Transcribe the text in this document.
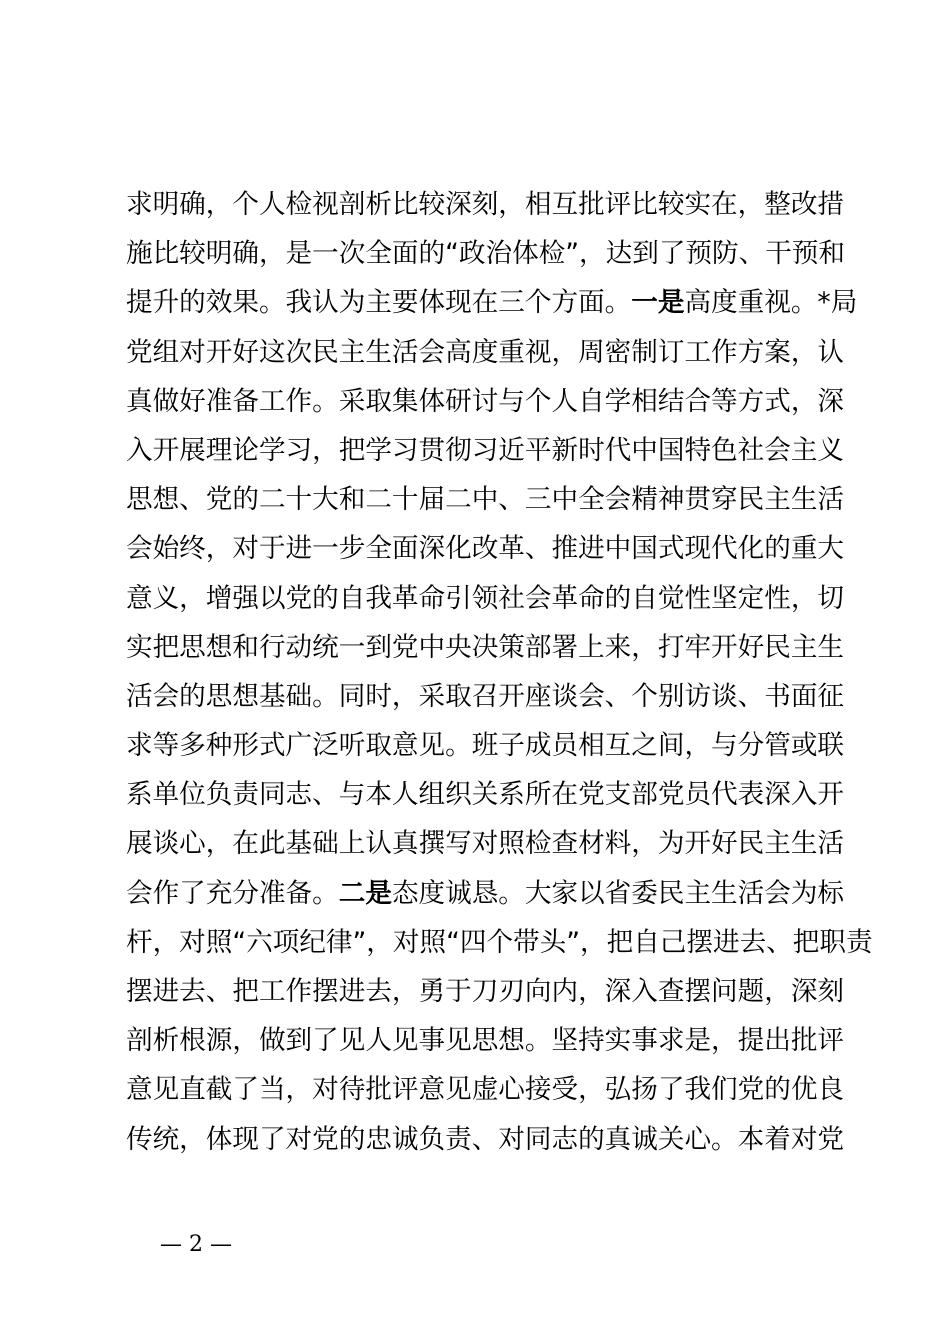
求明确，个人检视剖析比较深刻，相互批评比较实在，整改措
施比较明确，是一次全面的“政治体检”，达到了预防、干预和
提升的效果。我认为主要体现在三个方面。一是高度重视。*局
党组对开好这次民主生活会高度重视，周密制订工作方案，认
真做好准备工作。采取集体研讨与个人自学相结合等方式，深
入开展理论学习，把学习贯彻习近平新时代中国特色社会主义
思想、党的二十大和二十届二中、三中全会精神贯穿民主生活
会始终，对于进一步全面深化改革、推进中国式现代化的重大
意义，增强以党的自我革命引领社会革命的自觉性坚定性，切
实把思想和行动统一到党中央决策部署上来，打牢开好民主生
活会的思想基础。同时，采取召开座谈会、个别访谈、书面征
求等多种形式广泛听取意见。班子成员相互之间，与分管或联
系单位负责同志、与本人组织关系所在党支部党员代表深入开
展谈心，在此基础上认真撰写对照检查材料，为开好民主生活
会作了充分准备。二是态度诚恳。大家以省委民主生活会为标
杆，对照“六项纪律”，对照“四个带头”，把自己摆进去、把职责
摆进去、把工作摆进去，勇于刀刃向内，深入查摆问题，深刻
剖析根源，做到了见人见事见思想。坚持实事求是，提出批评
意见直截了当，对待批评意见虚心接受，弘扬了我们党的优良
传统，体现了对党的忠诚负责、对同志的真诚关心。本着对党
— 2 —
